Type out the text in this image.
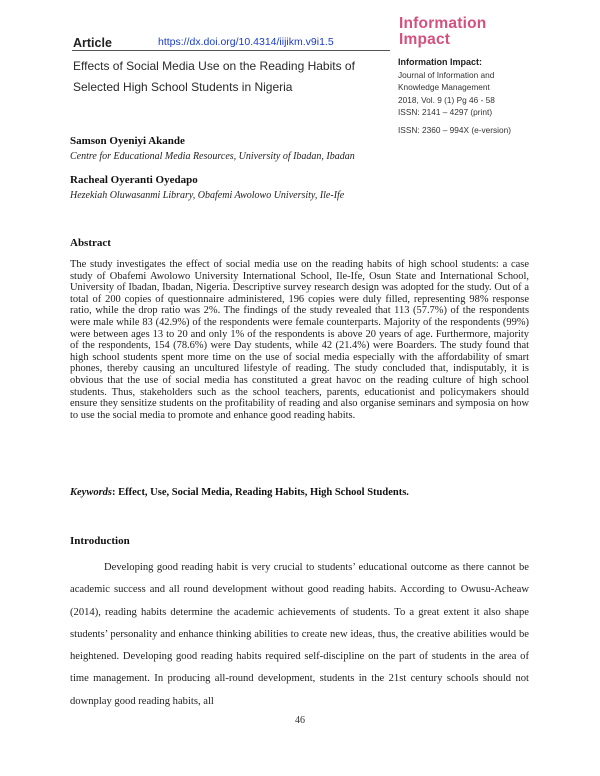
Article	https://dx.doi.org/10.4314/iijikm.v9i1.5
Effects of Social Media Use on the Reading Habits of Selected High School Students in Nigeria
Information
Impact
Information Impact:
Journal of Information and
Knowledge Management
2018, Vol. 9 (1) Pg 46 - 58
ISSN: 2141 – 4297 (print)
ISSN: 2360 – 994X (e-version)
Samson Oyeniyi Akande
Centre for Educational Media Resources, University of Ibadan, Ibadan
Racheal Oyeranti Oyedapo
Hezekiah Oluwasanmi Library, Obafemi Awolowo University, Ile-Ife
Abstract
The study investigates the effect of social media use on the reading habits of high school students: a case study of Obafemi Awolowo University International School, Ile-Ife, Osun State and International School, University of Ibadan, Ibadan, Nigeria. Descriptive survey research design was adopted for the study. Out of a total of 200 copies of questionnaire administered, 196 copies were duly filled, representing 98% response ratio, while the drop ratio was 2%. The findings of the study revealed that 113 (57.7%) of the respondents were male while 83 (42.9%) of the respondents were female counterparts. Majority of the respondents (99%) were between ages 13 to 20 and only 1% of the respondents is above 20 years of age. Furthermore, majority of the respondents, 154 (78.6%) were Day students, while 42 (21.4%) were Boarders. The study found that high school students spent more time on the use of social media especially with the affordability of smart phones, thereby causing an uncultured lifestyle of reading. The study concluded that, indisputably, it is obvious that the use of social media has constituted a great havoc on the reading culture of high school students. Thus, stakeholders such as the school teachers, parents, educationist and policymakers should ensure they sensitize students on the profitability of reading and also organise seminars and symposia on how to use the social media to promote and enhance good reading habits.
Keywords: Effect, Use, Social Media, Reading Habits, High School Students.
Introduction
Developing good reading habit is very crucial to students’ educational outcome as there cannot be academic success and all round development without good reading habits. According to Owusu-Acheaw (2014), reading habits determine the academic achievements of students. To a great extent it also shape students’ personality and enhance thinking abilities to create new ideas, thus, the creative abilities would be heightened. Developing good reading habits required self-discipline on the part of students in the area of time management. In producing all-round development, students in the 21st century schools should not downplay good reading habits, all
46
